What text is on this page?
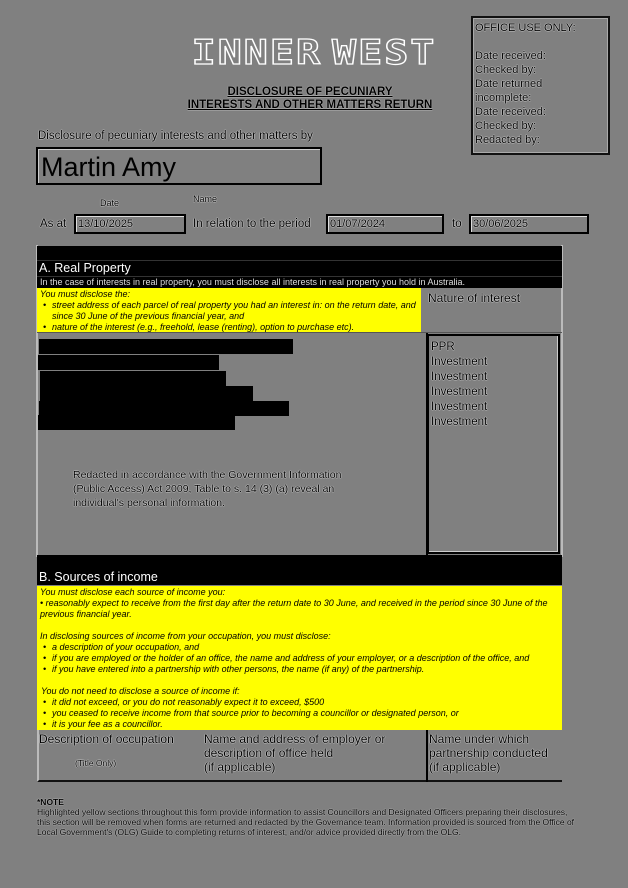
INNER WEST
DISCLOSURE OF PECUNIARY
INTERESTS AND OTHER MATTERS RETURN
OFFICE USE ONLY:
Date received:
Checked by:
Date returned
incomplete:
Date received:
Checked by:
Redacted by:
Disclosure of pecuniary interests and other matters by
Martin Amy
Date	Name
As at	13/10/2025	In relation to the period	01/07/2024	to	30/06/2025
A. Real Property
In the case of interests in real property, you must disclose all interests in real property you hold in Australia.
You must disclose the:
• street address of each parcel of real property you had an interest in: on the return date, and since 30 June of the previous financial year, and
• nature of the interest (e.g., freehold, lease (renting), option to purchase etc).
Nature of interest
PPR
Investment
Investment
Investment
Investment
Investment
Redacted in accordance with the Government Information (Public Access) Act 2009, Table to s. 14 (3) (a) reveal an individual's personal information.
B. Sources of income
You must disclose each source of income you:
• reasonably expect to receive from the first day after the return date to 30 June, and received in the period since 30 June of the previous financial year.
In disclosing sources of income from your occupation, you must disclose:
• a description of your occupation, and
• if you are employed or the holder of an office, the name and address of your employer, or a description of the office, and
• if you have entered into a partnership with other persons, the name (if any) of the partnership.
You do not need to disclose a source of income if:
• it did not exceed, or you do not reasonably expect it to exceed, $500
• you ceased to receive income from that source prior to becoming a councillor or designated person, or
• it is your fee as a councillor.
Description of occupation
(Title Only)
Name and address of employer or description of office held
(if applicable)
Name under which partnership conducted
(if applicable)
*NOTE
Highlighted yellow sections throughout this form provide information to assist Councillors and Designated Officers preparing their disclosures, this section will be removed when forms are returned and redacted by the Governance team. Information provided is sourced from the Office of Local Government's (OLG) Guide to completing returns of interest, and/or advice provided directly from the OLG.
